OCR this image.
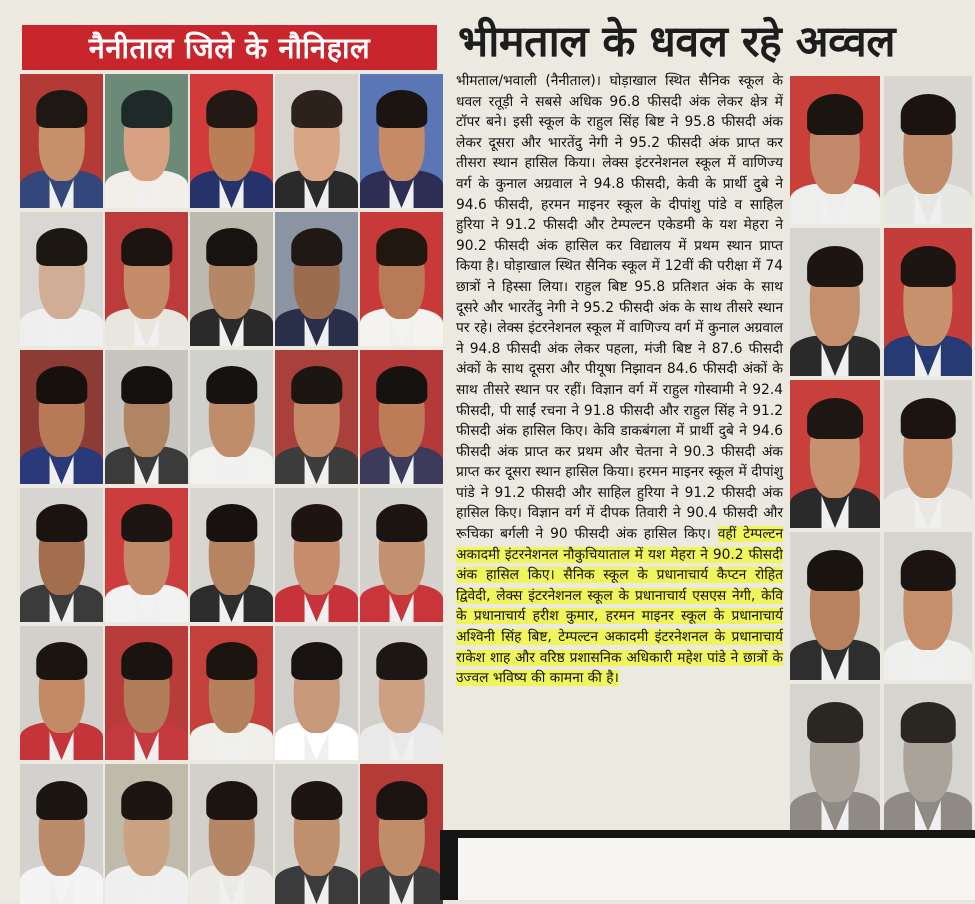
नैनीताल जिले के नौनिहाल	भीमताल के धवल रहे अव्वल
भीमताल/भवाली (नैनीताल)। घोड़ाखाल स्थित सैनिक स्कूल के धवल रतूड़ी ने सबसे अधिक 96.8 फीसदी अंक लेकर क्षेत्र में टॉपर बने। इसी स्कूल के राहुल सिंह बिष्ट ने 95.8 फीसदी अंक लेकर दूसरा और भारतेंदु नेगी ने 95.2 फीसदी अंक प्राप्त कर तीसरा स्थान हासिल किया। लेक्स इंटरनेशनल स्कूल में वाणिज्य वर्ग के कुनाल अग्रवाल ने 94.8 फीसदी, केवी के प्रार्थी दुबे ने 94.6 फीसदी, हरमन माइनर स्कूल के दीपांशु पांडे व साहिल हुरिया ने 91.2 फीसदी और टेम्पल्टन एकेडमी के यश मेहरा ने 90.2 फीसदी अंक हासिल कर विद्यालय में प्रथम स्थान प्राप्त किया है। घोड़ाखाल स्थित सैनिक स्कूल में 12वीं की परीक्षा में 74 छात्रों ने हिस्सा लिया। राहुल बिष्ट 95.8 प्रतिशत अंक के साथ दूसरे और भारतेंदु नेगी ने 95.2 फीसदी अंक के साथ तीसरे स्थान पर रहे। लेक्स इंटरनेशनल स्कूल में वाणिज्य वर्ग में कुनाल अग्रवाल ने 94.8 फीसदी अंक लेकर पहला, मंजी बिष्ट ने 87.6 फीसदी अंकों के साथ दूसरा और पीयूषा निझावन 84.6 फीसदी अंकों के साथ तीसरे स्थान पर रहीं। विज्ञान वर्ग में राहुल गोस्वामी ने 92.4 फीसदी, पी साईं रचना ने 91.8 फीसदी और राहुल सिंह ने 91.2 फीसदी अंक हासिल किए। केवि डाकबंगला में प्रार्थी दुबे ने 94.6 फीसदी अंक प्राप्त कर प्रथम और चेतना ने 90.3 फीसदी अंक प्राप्त कर दूसरा स्थान हासिल किया। हरमन माइनर स्कूल में दीपांशु पांडे ने 91.2 फीसदी और साहिल हुरिया ने 91.2 फीसदी अंक हासिल किए। विज्ञान वर्ग में दीपक तिवारी ने 90.4 फीसदी और रूचिका बर्गली ने 90 फीसदी अंक हासिल किए। वहीं टेम्पल्टन अकादमी इंटरनेशनल नौकुचियाताल में यश मेहरा ने 90.2 फीसदी अंक हासिल किए। सैनिक स्कूल के प्रधानाचार्य कैप्टन रोहित द्विवेदी, लेक्स इंटरनेशनल स्कूल के प्रधानाचार्य एसएस नेगी, केवि के प्रधानाचार्य हरीश कुमार, हरमन माइनर स्कूल के प्रधानाचार्य अश्विनी सिंह बिष्ट, टेम्पल्टन अकादमी इंटरनेशनल के प्रधानाचार्य राकेश शाह और वरिष्ठ प्रशासनिक अधिकारी महेश पांडे ने छात्रों के उज्वल भविष्य की कामना की है।
